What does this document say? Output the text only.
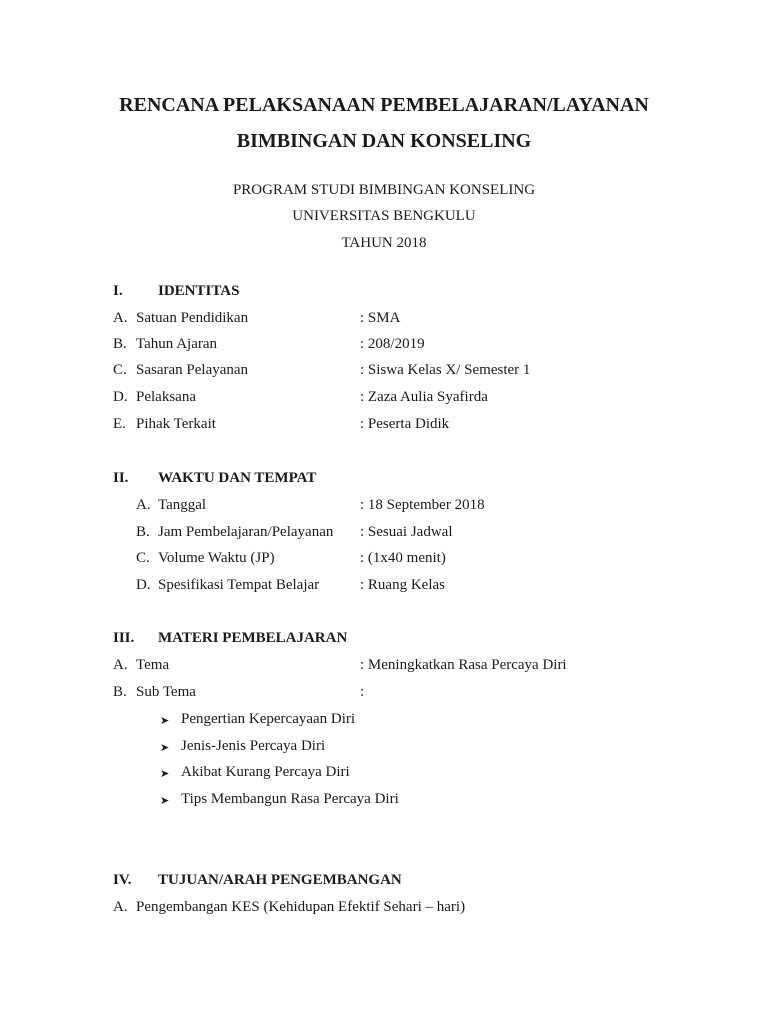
RENCANA PELAKSANAAN PEMBELAJARAN/LAYANAN
BIMBINGAN DAN KONSELING
PROGRAM STUDI BIMBINGAN KONSELING
UNIVERSITAS BENGKULU
TAHUN 2018
I. IDENTITAS
A. Satuan Pendidikan	: SMA
B. Tahun Ajaran	: 208/2019
C. Sasaran Pelayanan	: Siswa Kelas X/ Semester 1
D. Pelaksana	: Zaza Aulia Syafirda
E. Pihak Terkait	: Peserta Didik
II. WAKTU DAN TEMPAT
A. Tanggal	: 18 September 2018
B. Jam Pembelajaran/Pelayanan : Sesuai Jadwal
C. Volume Waktu (JP)	: (1x40 menit)
D. Spesifikasi Tempat Belajar	: Ruang Kelas
III. MATERI PEMBELAJARAN
A. Tema	: Meningkatkan Rasa Percaya Diri
B. Sub Tema	:
➤ Pengertian Kepercayaan Diri
➤ Jenis-Jenis Percaya Diri
➤ Akibat Kurang Percaya Diri
➤ Tips Membangun Rasa Percaya Diri
IV. TUJUAN/ARAH PENGEMBANGAN
A. Pengembangan KES (Kehidupan Efektif Sehari – hari)
